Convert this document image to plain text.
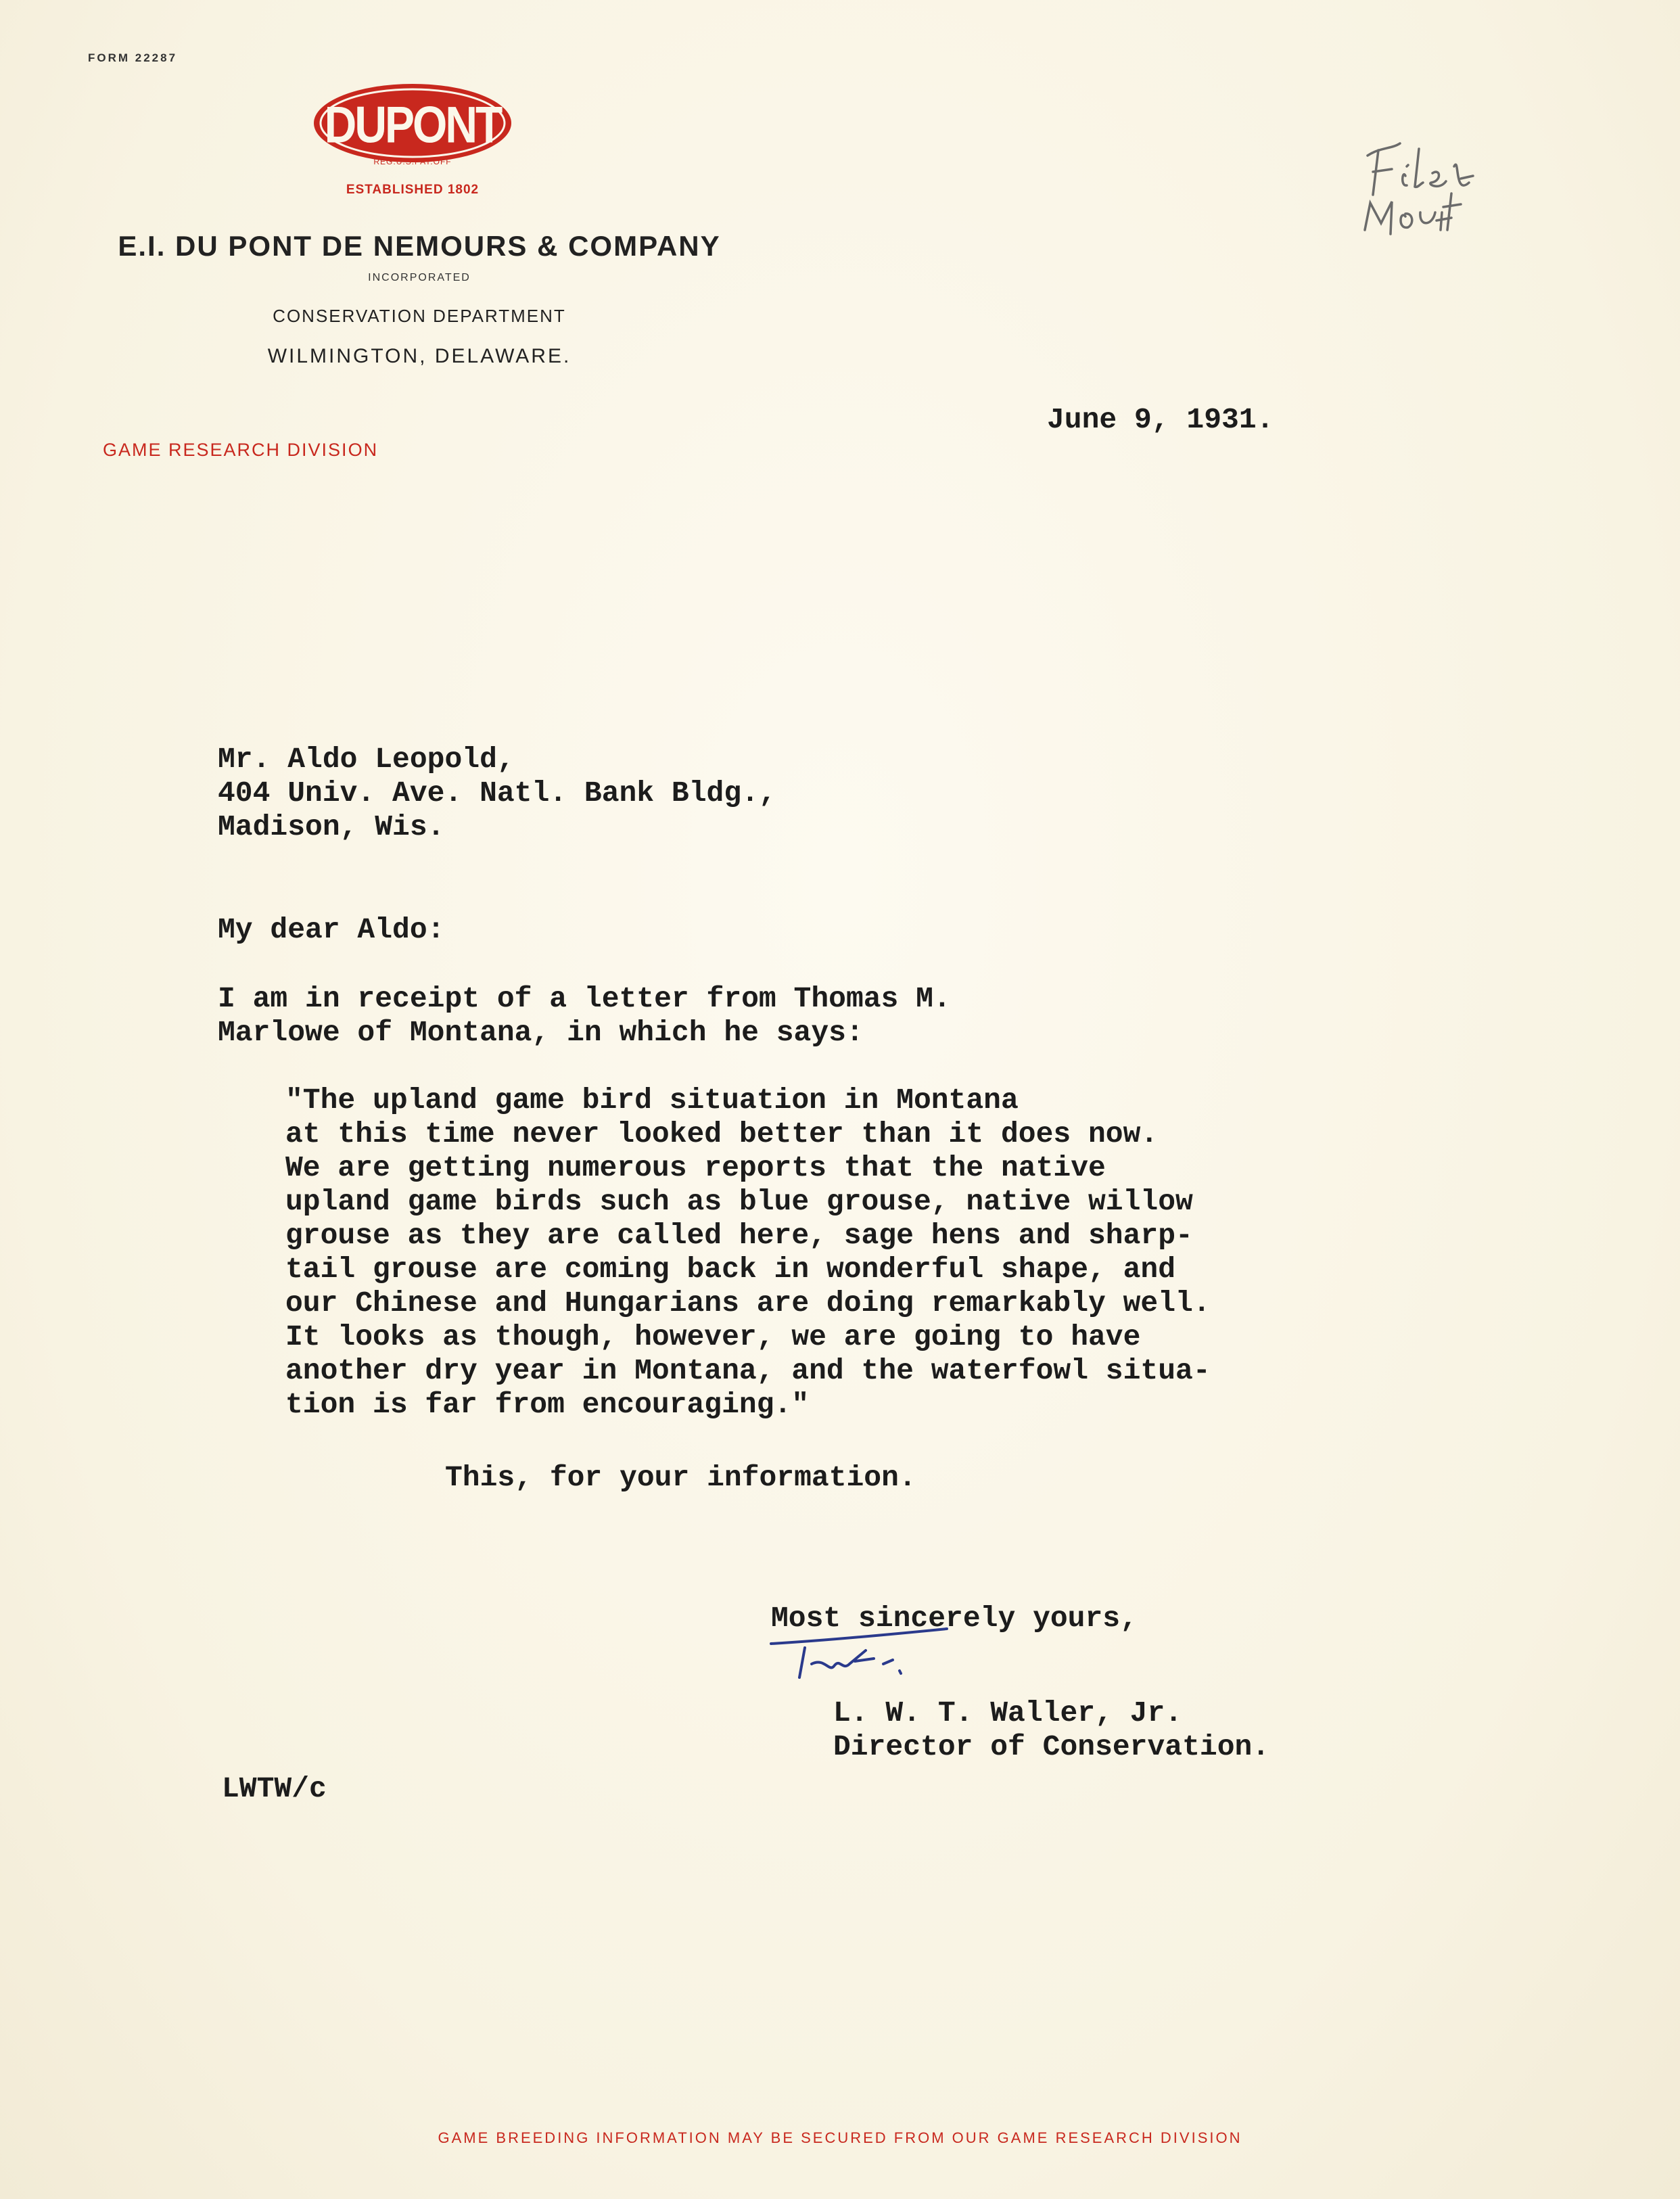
FORM 22287
DUPONT
REG.U.S.PAT.OFF
ESTABLISHED 1802
E.I. DU PONT DE NEMOURS & COMPANY
INCORPORATED
CONSERVATION DEPARTMENT
WILMINGTON, DELAWARE.
GAME RESEARCH DIVISION
June 9, 1931.
Mr. Aldo Leopold,
404 Univ. Ave. Natl. Bank Bldg.,
Madison, Wis.
My dear Aldo:
I am in receipt of a letter from Thomas M.
Marlowe of Montana, in which he says:
"The upland game bird situation in Montana
at this time never looked better than it does now.
We are getting numerous reports that the native
upland game birds such as blue grouse, native willow
grouse as they are called here, sage hens and sharp-
tail grouse are coming back in wonderful shape, and
our Chinese and Hungarians are doing remarkably well.
It looks as though, however, we are going to have
another dry year in Montana, and the waterfowl situa-
tion is far from encouraging."
This, for your information.
Most sincerely yours,
L. W. T. Waller, Jr.
Director of Conservation.
LWTW/c
GAME BREEDING INFORMATION MAY BE SECURED FROM OUR GAME RESEARCH DIVISION
